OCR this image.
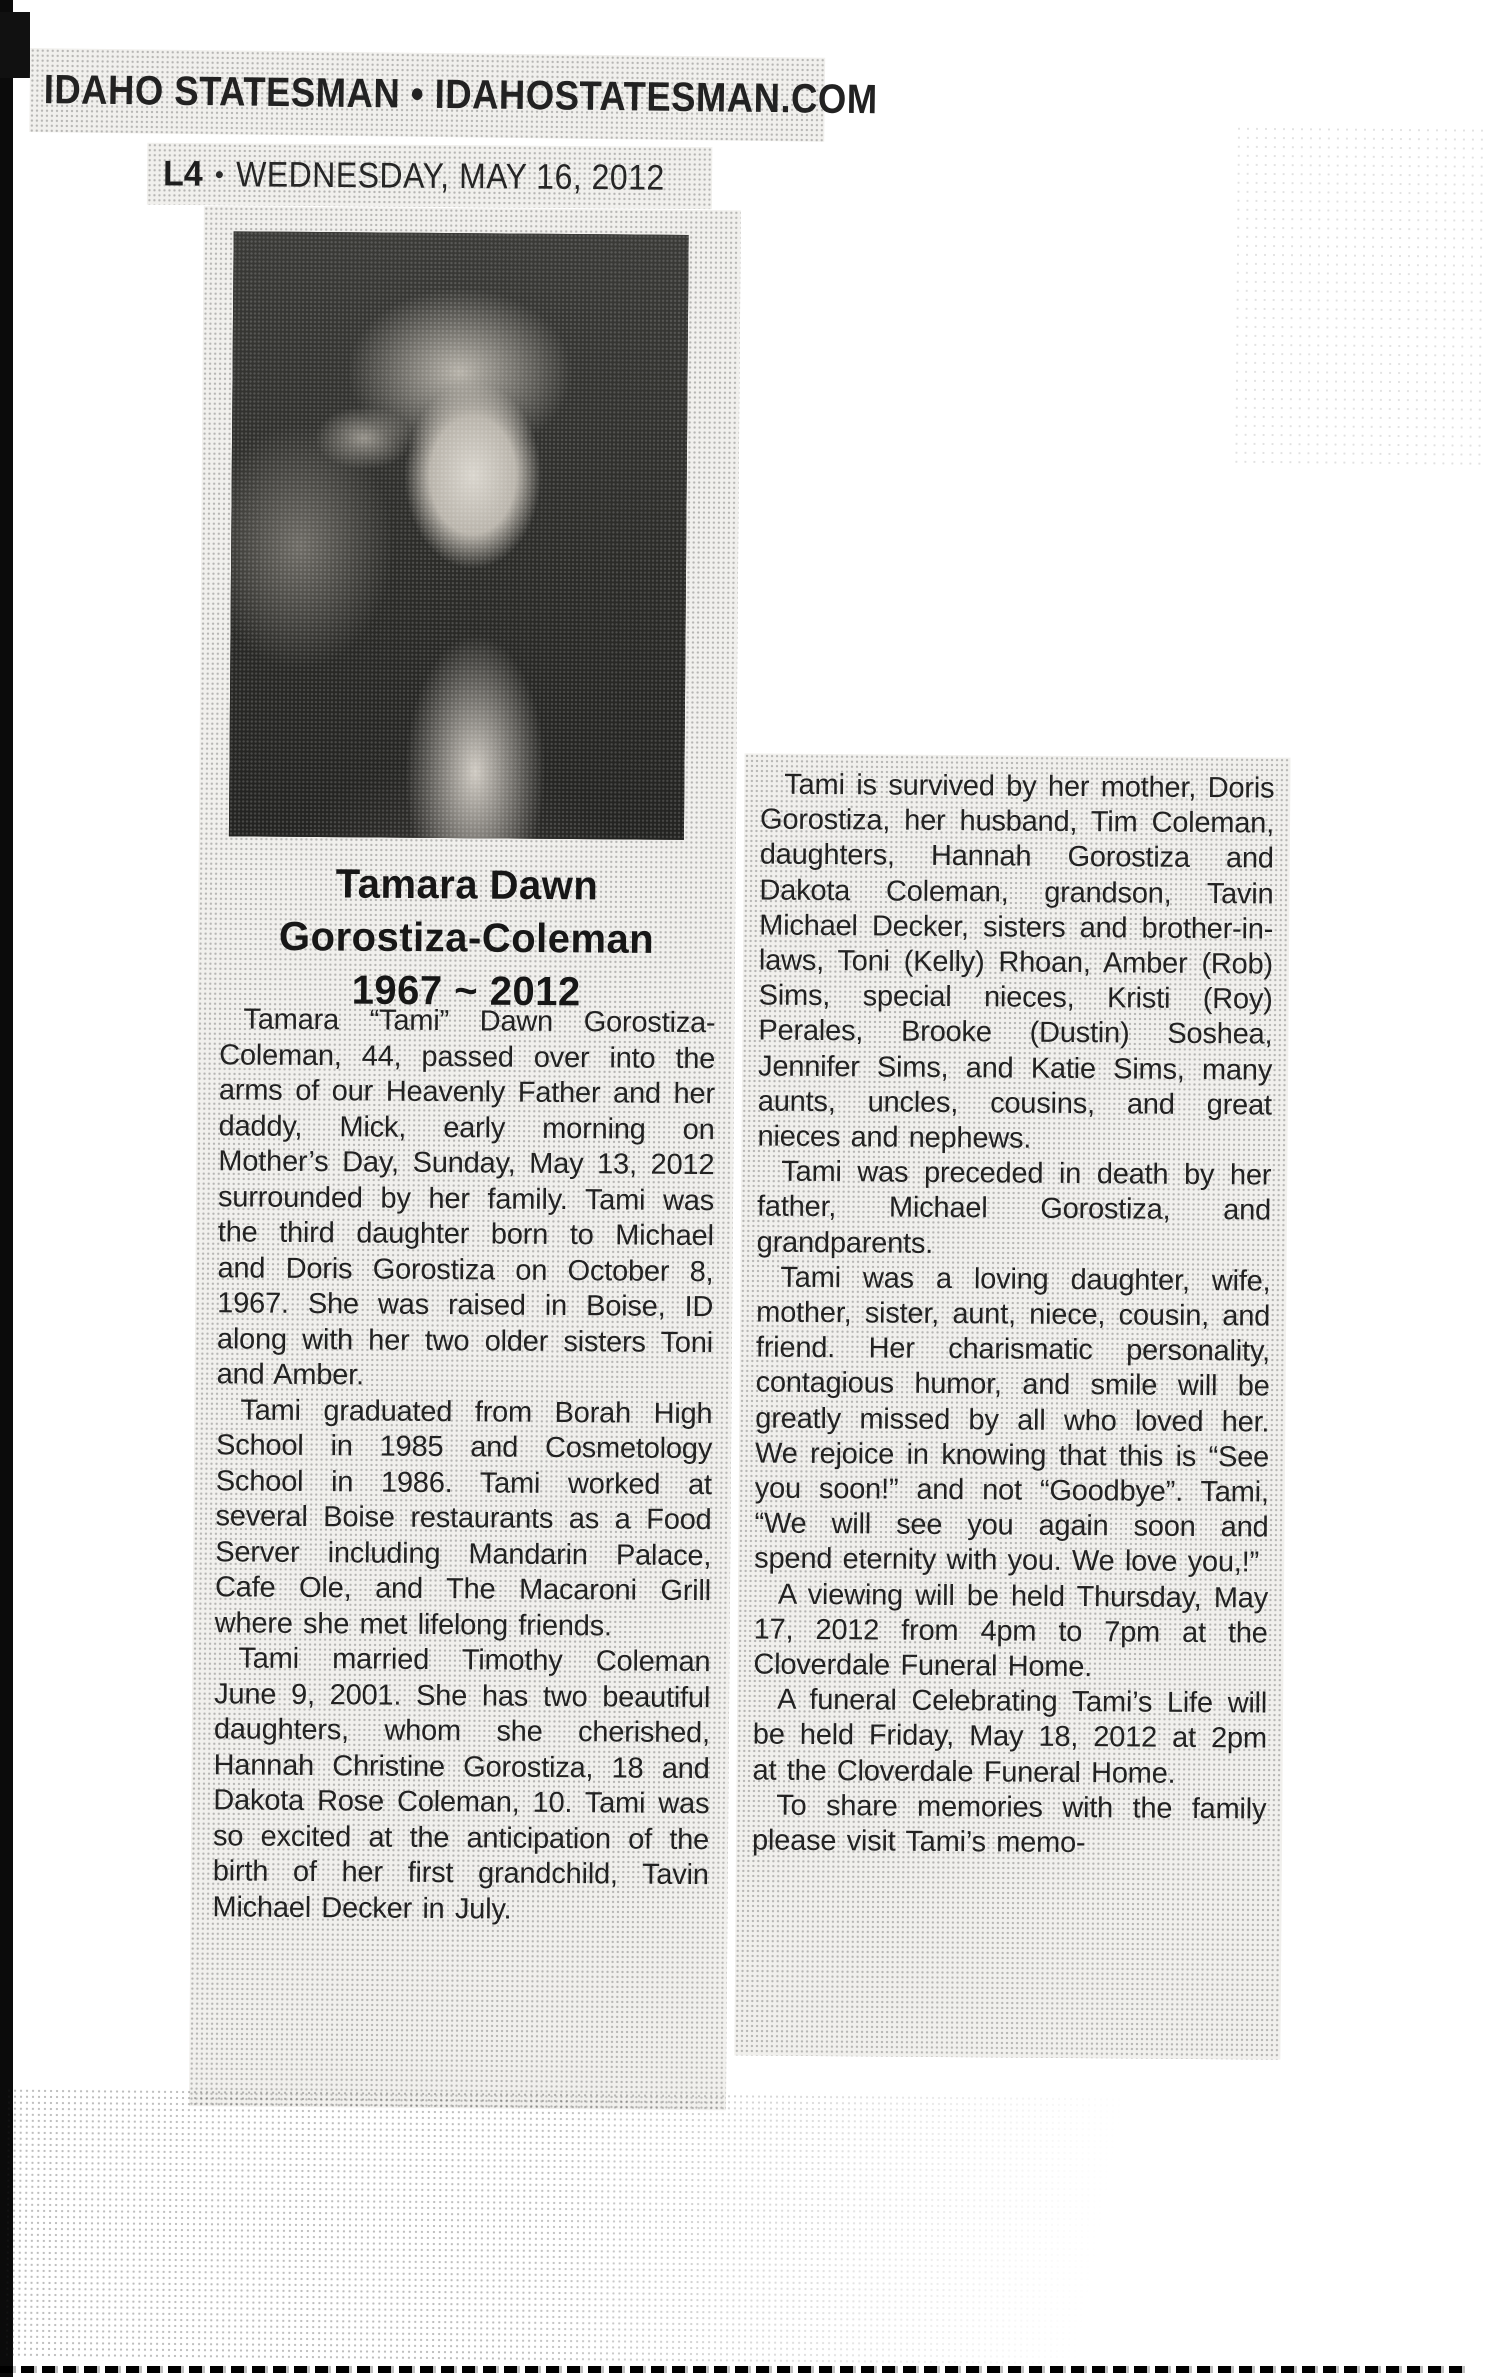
IDAHO STATESMAN • IDAHOSTATESMAN.COM
L4 • WEDNESDAY, MAY 16, 2012
Tamara Dawn
Gorostiza-Coleman
1967 ~ 2012

Tamara “Tami” Dawn Gorostiza-Coleman, 44, passed over into the arms of our Heavenly Father and her daddy, Mick, early morning on Mother’s Day, Sunday, May 13, 2012 surrounded by her family. Tami was the third daughter born to Michael and Doris Gorostiza on October 8, 1967. She was raised in Boise, ID along with her two older sisters Toni and Amber.

Tami graduated from Borah High School in 1985 and Cosmetology School in 1986. Tami worked at several Boise restaurants as a Food Server including Mandarin Palace, Cafe Ole, and The Macaroni Grill where she met lifelong friends.

Tami married Timothy Coleman June 9, 2001. She has two beautiful daughters, whom she cherished, Hannah Christine Gorostiza, 18 and Dakota Rose Coleman, 10. Tami was so excited at the anticipation of the birth of her first grandchild, Tavin Michael Decker in July.

Tami is survived by her mother, Doris Gorostiza, her husband, Tim Coleman, daughters, Hannah Gorostiza and Dakota Coleman, grandson, Tavin Michael Decker, sisters and brother-in-laws, Toni (Kelly) Rhoan, Amber (Rob) Sims, special nieces, Kristi (Roy) Perales, Brooke (Dustin) Soshea, Jennifer Sims, and Katie Sims, many aunts, uncles, cousins, and great nieces and nephews.

Tami was preceded in death by her father, Michael Gorostiza, and grandparents.

Tami was a loving daughter, wife, mother, sister, aunt, niece, cousin, and friend. Her charismatic personality, contagious humor, and smile will be greatly missed by all who loved her. We rejoice in knowing that this is “See you soon!” and not “Goodbye”. Tami, “We will see you again soon and spend eternity with you. We love you,!”

A viewing will be held Thursday, May 17, 2012 from 4pm to 7pm at the Cloverdale Funeral Home.

A funeral Celebrating Tami’s Life will be held Friday, May 18, 2012 at 2pm at the Cloverdale Funeral Home.

To share memories with the family please visit Tami’s memo-
